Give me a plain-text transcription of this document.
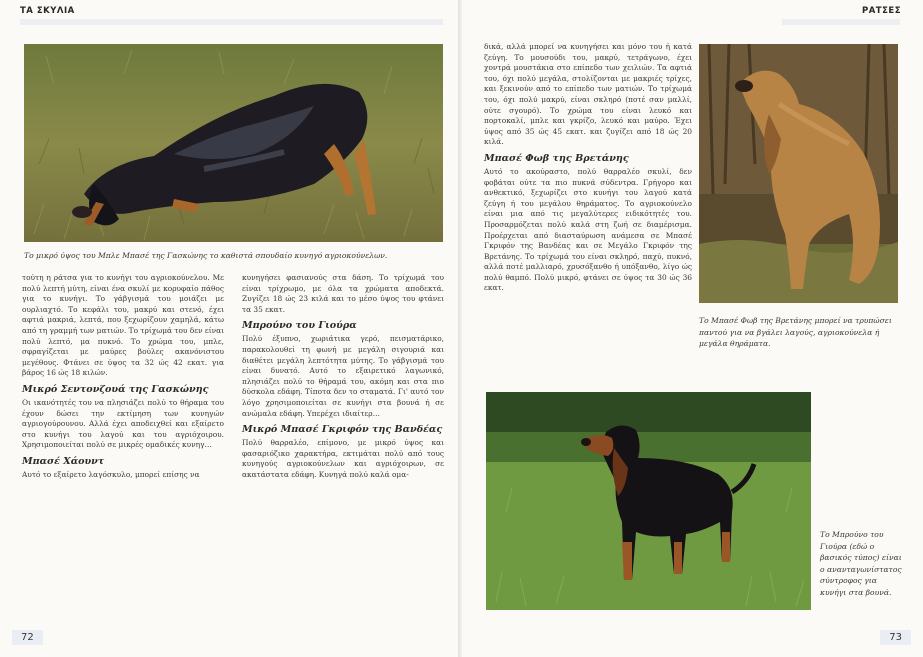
ΤΑ ΣΚΥΛΙΑ
Το μικρό ύψος του Μπλε Μπασέ της Γασκώνης το καθιστά σπουδαίο κυνηγό αγριοκούνελων.

τούτη η ράτσα για το κυνήγι του αγριοκούνελου. Με πολύ λεπτή μύτη, είναι ένα σκυλί με κορυφαίο πάθος για το κυνήγι. Το γάβγισμά του μοιάζει με ουρλιαχτό. Το κεφάλι του, μακρύ και στενό, έχει αφτιά μακριά, λεπτά, που ξεχωρίζουν χαμηλά, κάτω από τη γραμμή των ματιών. Το τρίχωμά του δεν είναι πολύ λεπτό, μα πυκνό. Το χρώμα του, μπλε, σφραγίζεται με μαύρες βούλες ακανόνιστου μεγέθους. Φτάνει σε ύψος τα 32 ώς 42 εκατ. για βάρος 16 ώς 18 κιλών.

Μικρό Σεντονζουά της Γασκώνης

Οι ικανότητές του να πλησιάζει πολύ το θήραμα του έχουν δώσει την εκτίμηση των κυνηγών αγριογούρουνου. Αλλά έχει αποδειχθεί και εξαίρετο στο κυνήγι του λαγού και του αγριόχοιρου. Χρησιμοποιείται πολύ σε μικρές ομαδικές κυνηγ…

Μπασέ Χάουντ

Αυτό το εξαίρετο λαγόσκυλο, μπορεί επίσης να

κυνηγήσει φασιανούς στα δάση. Το τρίχωμά του είναι τρίχρωμο, με όλα τα χρώματα αποδεκτά. Ζυγίζει 18 ώς 23 κιλά και το μέσο ύψος του φτάνει τα 35 εκατ.

Μπρούνο του Γιούρα

Πολύ έξυπνο, χωριάτικα γερό, πεισματάρικο, παρακολουθεί τη φωνή με μεγάλη σιγουριά και διαθέτει μεγάλη λεπτότητα μύτης. Το γάβγισμά του είναι δυνατό. Αυτό το εξαιρετικό λαγωνικό, πλησιάζει πολύ το θήραμά του, ακόμη και στα πιο δύσκολα εδάφη. Τίποτα δεν το σταματά. Γι' αυτό τον λόγο χρησιμοποιείται σε κυνήγι στα βουνά ή σε ανώμαλα εδάφη. Υπερέχει ιδιαίτερ…

Μικρό Μπασέ Γκριφόν της Βανδέας

Πολύ θαρραλέο, επίμονο, με μικρό ύψος και φασαριόζικο χαρακτήρα, εκτιμάται πολύ από τους κυνηγούς αγριοκούνελων και αγριόχοιρων, σε ακατάστατα εδάφη. Κυνηγά πολύ καλά ομα-

72
ΡΑΤΣΕΣ

δικά, αλλά μπορεί να κυνηγήσει και μόνο του ή κατά ζεύγη. Το μουσούδι του, μακρύ, τετράγωνο, έχει χοντρά μουστάκια στο επίπεδο των χειλιών. Τα αφτιά του, όχι πολύ μεγάλα, στολίζονται με μακριές τρίχες, και ξεκινούν από το επίπεδο των ματιών. Το τρίχωμά του, όχι πολύ μακρύ, είναι σκληρό (ποτέ σαν μαλλί, ούτε σγουρό). Το χρώμα του είναι λευκό και πορτοκαλί, μπλε και γκρίζο, λευκό και μαύρο. Έχει ύψος από 35 ώς 45 εκατ. και ζυγίζει από 18 ώς 20 κιλά.

Μπασέ Φωβ της Βρετάνης

Αυτό το ακούραστο, πολύ θαρραλέο σκυλί, δεν φοβάται ούτε τα πιο πυκνά σύδεντρα. Γρήγορο και ανθεκτικό, ξεχωρίζει στο κυνήγι του λαγού κατά ζεύγη ή του μεγάλου θηράματος. Το αγριοκούνελο είναι μια από τις μεγαλύτερες ειδικότητές του. Προσαρμόζεται πολύ καλά στη ζωή σε διαμέρισμα. Προέρχεται από διασταύρωση ανάμεσα σε Μπασέ Γκριφόν της Βανδέας και σε Μεγάλο Γκριφόν της Βρετάνης. Το τρίχωμά του είναι σκληρό, παχύ, πυκνό, αλλά ποτέ μαλλιαρό, χρυσόξανθο ή υπόξανθο, λίγο ώς πολύ θαμπό. Πολύ μικρό, φτάνει σε ύψος τα 30 ώς 36 εκατ.

Το Μπασέ Φωβ της Βρετάνης μπορεί να τρυπώσει παντού για να βγάλει λαγούς, αγριοκούνελα ή μεγάλα θηράματα.
Το Μπρούνο του Γιούρα (εδώ ο βασικός τύπος) είναι ο ανανταγωνίστατος σύντροφος για κυνήγι στα βουνά.
73
